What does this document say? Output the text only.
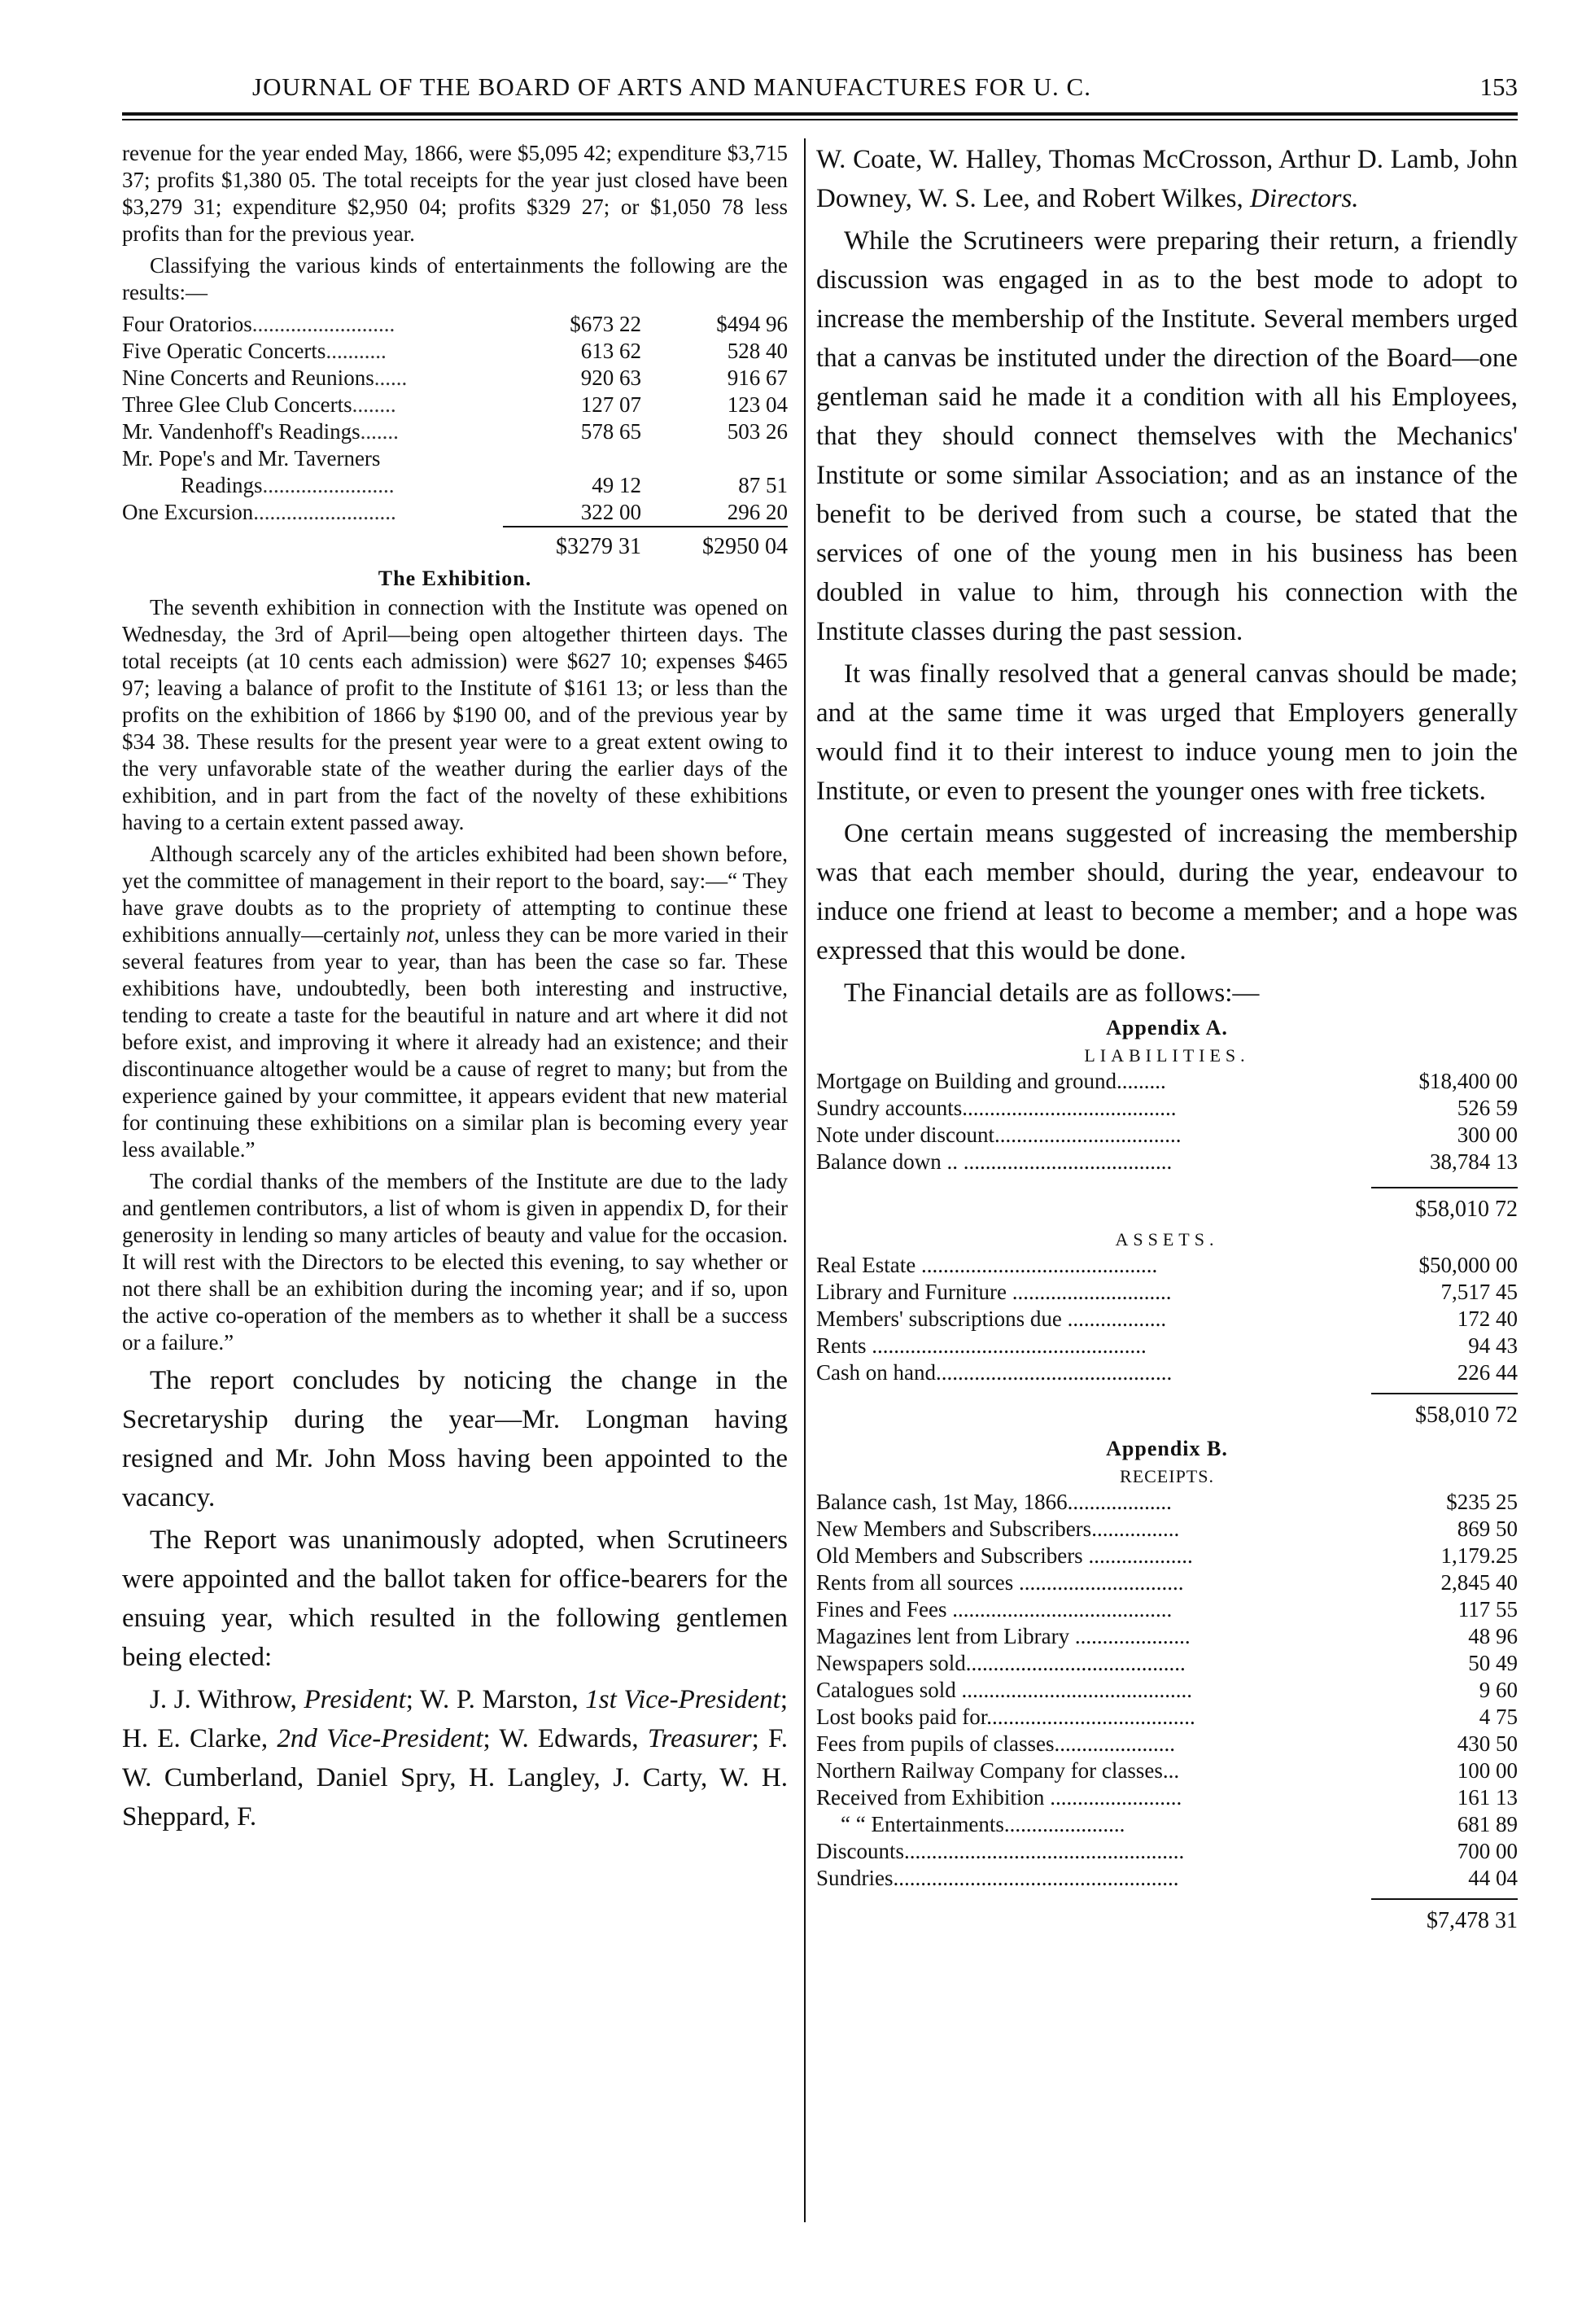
JOURNAL OF THE BOARD OF ARTS AND MANUFACTURES FOR U. C.	153

revenue for the year ended May, 1866, were $5,095 42; expenditure $3,715 37; profits $1,380 05. The total receipts for the year just closed have been $3,279 31; expenditure $2,950 04; profits $329 27; or $1,050 78 less profits than for the previous year.

Classifying the various kinds of entertainments the following are the results:—

Four Oratorios..........................	$673 22	$494 96
Five Operatic Concerts...........	613 62	528 40
Nine Concerts and Reunions......	920 63	916 67
Three Glee Club Concerts........	127 07	123 04
Mr. Vandenhoff's Readings.......	578 65	503 26
Mr. Pope's and Mr. Taverners		
Readings........................	49 12	87 51
One Excursion..........................	322 00	296 20
$3279 31	$2950 04
The Exhibition.

The seventh exhibition in connection with the Institute was opened on Wednesday, the 3rd of April—being open altogether thirteen days. The total receipts (at 10 cents each admission) were $627 10; expenses $465 97; leaving a balance of profit to the Institute of $161 13; or less than the profits on the exhibition of 1866 by $190 00, and of the previous year by $34 38. These results for the present year were to a great extent owing to the very unfavorable state of the weather during the earlier days of the exhibition, and in part from the fact of the novelty of these exhibitions having to a certain extent passed away.

Although scarcely any of the articles exhibited had been shown before, yet the committee of management in their report to the board, say:—“ They have grave doubts as to the propriety of attempting to continue these exhibitions annually—certainly not, unless they can be more varied in their several features from year to year, than has been the case so far. These exhibitions have, undoubtedly, been both interesting and instructive, tending to create a taste for the beautiful in nature and art where it did not before exist, and improving it where it already had an existence; and their discontinuance altogether would be a cause of regret to many; but from the experience gained by your committee, it appears evident that new material for continuing these exhibitions on a similar plan is becoming every year less available.”

The cordial thanks of the members of the Institute are due to the lady and gentlemen contributors, a list of whom is given in appendix D, for their generosity in lending so many articles of beauty and value for the occasion. It will rest with the Directors to be elected this evening, to say whether or not there shall be an exhibition during the incoming year; and if so, upon the active co-operation of the members as to whether it shall be a success or a failure.”

The report concludes by noticing the change in the Secretaryship during the year—Mr. Longman having resigned and Mr. John Moss having been appointed to the vacancy.

The Report was unanimously adopted, when Scrutineers were appointed and the ballot taken for office-bearers for the ensuing year, which resulted in the following gentlemen being elected:

J. J. Withrow, President; W. P. Marston, 1st Vice-President; H. E. Clarke, 2nd Vice-President; W. Edwards, Treasurer; F. W. Cumberland, Daniel Spry, H. Langley, J. Carty, W. H. Sheppard, F.

W. Coate, W. Halley, Thomas McCrosson, Arthur D. Lamb, John Downey, W. S. Lee, and Robert Wilkes, Directors.

While the Scrutineers were preparing their return, a friendly discussion was engaged in as to the best mode to adopt to increase the membership of the Institute. Several members urged that a canvas be instituted under the direction of the Board—one gentleman said he made it a condition with all his Employees, that they should connect themselves with the Mechanics' Institute or some similar Association; and as an instance of the benefit to be derived from such a course, be stated that the services of one of the young men in his business has been doubled in value to him, through his connection with the Institute classes during the past session.

It was finally resolved that a general canvas should be made; and at the same time it was urged that Employers generally would find it to their interest to induce young men to join the Institute, or even to present the younger ones with free tickets.

One certain means suggested of increasing the membership was that each member should, during the year, endeavour to induce one friend at least to become a member; and a hope was expressed that this would be done.

The Financial details are as follows:—

Appendix A.
LIABILITIES.
Mortgage on Building and ground.........	$18,400 00
Sundry accounts.......................................	526 59
Note under discount..................................	300 00
Balance down .. ......................................	38,784 13
$58,010 72
ASSETS.
Real Estate ...........................................	$50,000 00
Library and Furniture .............................	7,517 45
Members' subscriptions due ..................	172 40
Rents ..................................................	94 43
Cash on hand...........................................	226 44
$58,010 72
Appendix B.
RECEIPTS.
Balance cash, 1st May, 1866...................	$235 25
New Members and Subscribers................	869 50
Old Members and Subscribers ...................	1,179.25
Rents from all sources ..............................	2,845 40
Fines and Fees ........................................	117 55
Magazines lent from Library .....................	48 96
Newspapers sold........................................	50 49
Catalogues sold ..........................................	9 60
Lost books paid for......................................	4 75
Fees from pupils of classes......................	430 50
Northern Railway Company for classes...	100 00
Received from Exhibition ........................	161 13
“ “ Entertainments......................	681 89
Discounts...................................................	700 00
Sundries....................................................	44 04
$7,478 31
